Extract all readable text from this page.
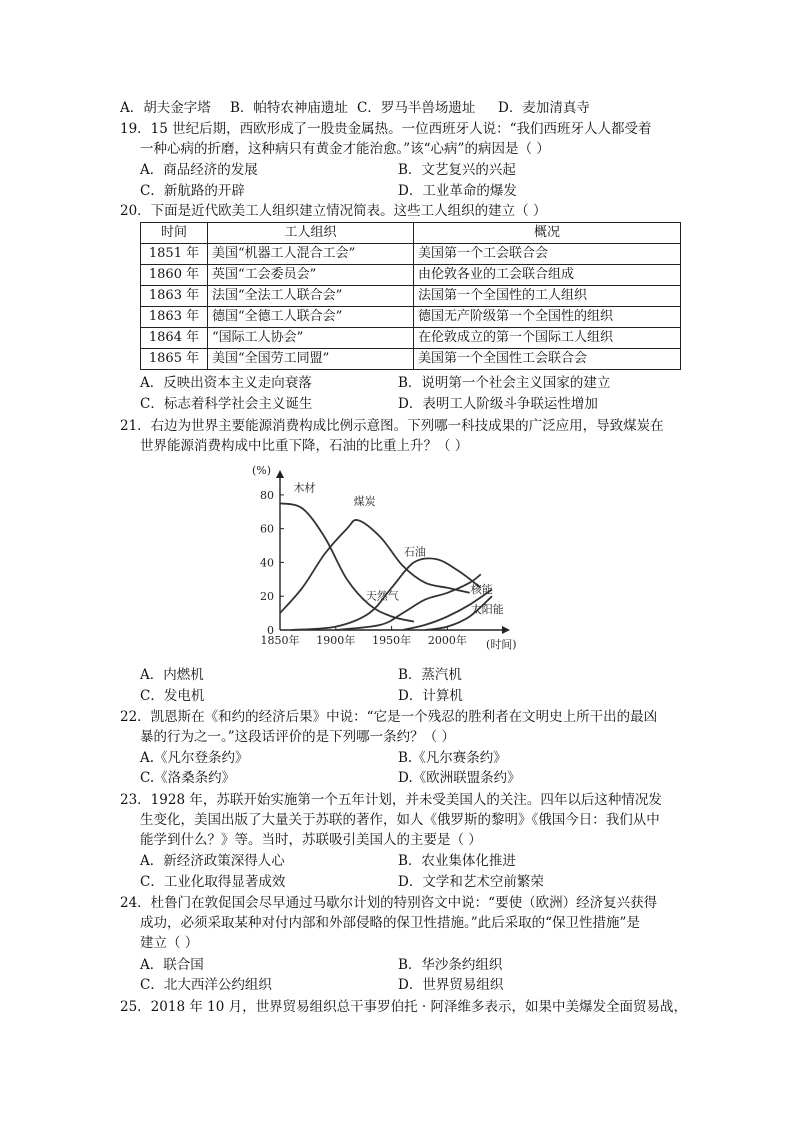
A．胡夫金字塔 B．帕特农神庙遗址 C．罗马半兽场遗址 D．麦加清真寺
19．15 世纪后期，西欧形成了一股贵金属热。一位西班牙人说：“我们西班牙人人都受着
一种心病的折磨，这种病只有黄金才能治愈。”该“心病”的病因是（ ）
A．商品经济的发展	B．文艺复兴的兴起
C．新航路的开辟	D．工业革命的爆发
20．下面是近代欧美工人组织建立情况简表。这些工人组织的建立（ ）
时间	工人组织	概况
1851 年	美国“机器工人混合工会”	美国第一个工会联合会
1860 年	英国“工会委员会”	由伦敦各业的工会联合组成
1863 年	法国“全法工人联合会”	法国第一个全国性的工人组织
1863 年	德国“全德工人联合会”	德国无产阶级第一个全国性的组织
1864 年	“国际工人协会”	在伦敦成立的第一个国际工人组织
1865 年	美国“全国劳工同盟”	美国第一个全国性工会联合会
A．反映出资本主义走向衰落	B．说明第一个社会主义国家的建立
C．标志着科学社会主义诞生	D．表明工人阶级斗争联运性增加
21．右边为世界主要能源消费构成比例示意图。下列哪一科技成果的广泛应用，导致煤炭在
世界能源消费构成中比重下降，石油的比重上升？（ ）
(%)
(时间)
0
20
40
60
80
1850年 1900年 1950年 2000年
木材
煤炭
石油
天然气
核能
太阳能
A．内燃机	B．蒸汽机
C．发电机	D．计算机
22．凯恩斯在《和约的经济后果》中说：“它是一个残忍的胜利者在文明史上所干出的最凶
暴的行为之一。”这段话评价的是下列哪一条约？（ ）
A.《凡尔登条约》	B.《凡尔赛条约》
C.《洛桑条约》	D.《欧洲联盟条约》
23．1928 年，苏联开始实施第一个五年计划，并未受美国人的关注。四年以后这种情况发
生变化，美国出版了大量关于苏联的著作，如人《俄罗斯的黎明》《俄国今日：我们从中
能学到什么？》等。当时，苏联吸引美国人的主要是（ ）
A．新经济政策深得人心	B．农业集体化推进
C．工业化取得显著成效	D．文学和艺术空前繁荣
24．杜鲁门在敦促国会尽早通过马歇尔计划的特别咨文中说：“要使（欧洲）经济复兴获得
成功，必须采取某种对付内部和外部侵略的保卫性措施。”此后采取的“保卫性措施”是
建立（ ）
A．联合国	B．华沙条约组织
C．北大西洋公约组织	D．世界贸易组织
25．2018 年 10 月，世界贸易组织总干事罗伯托 · 阿泽维多表示，如果中美爆发全面贸易战，
